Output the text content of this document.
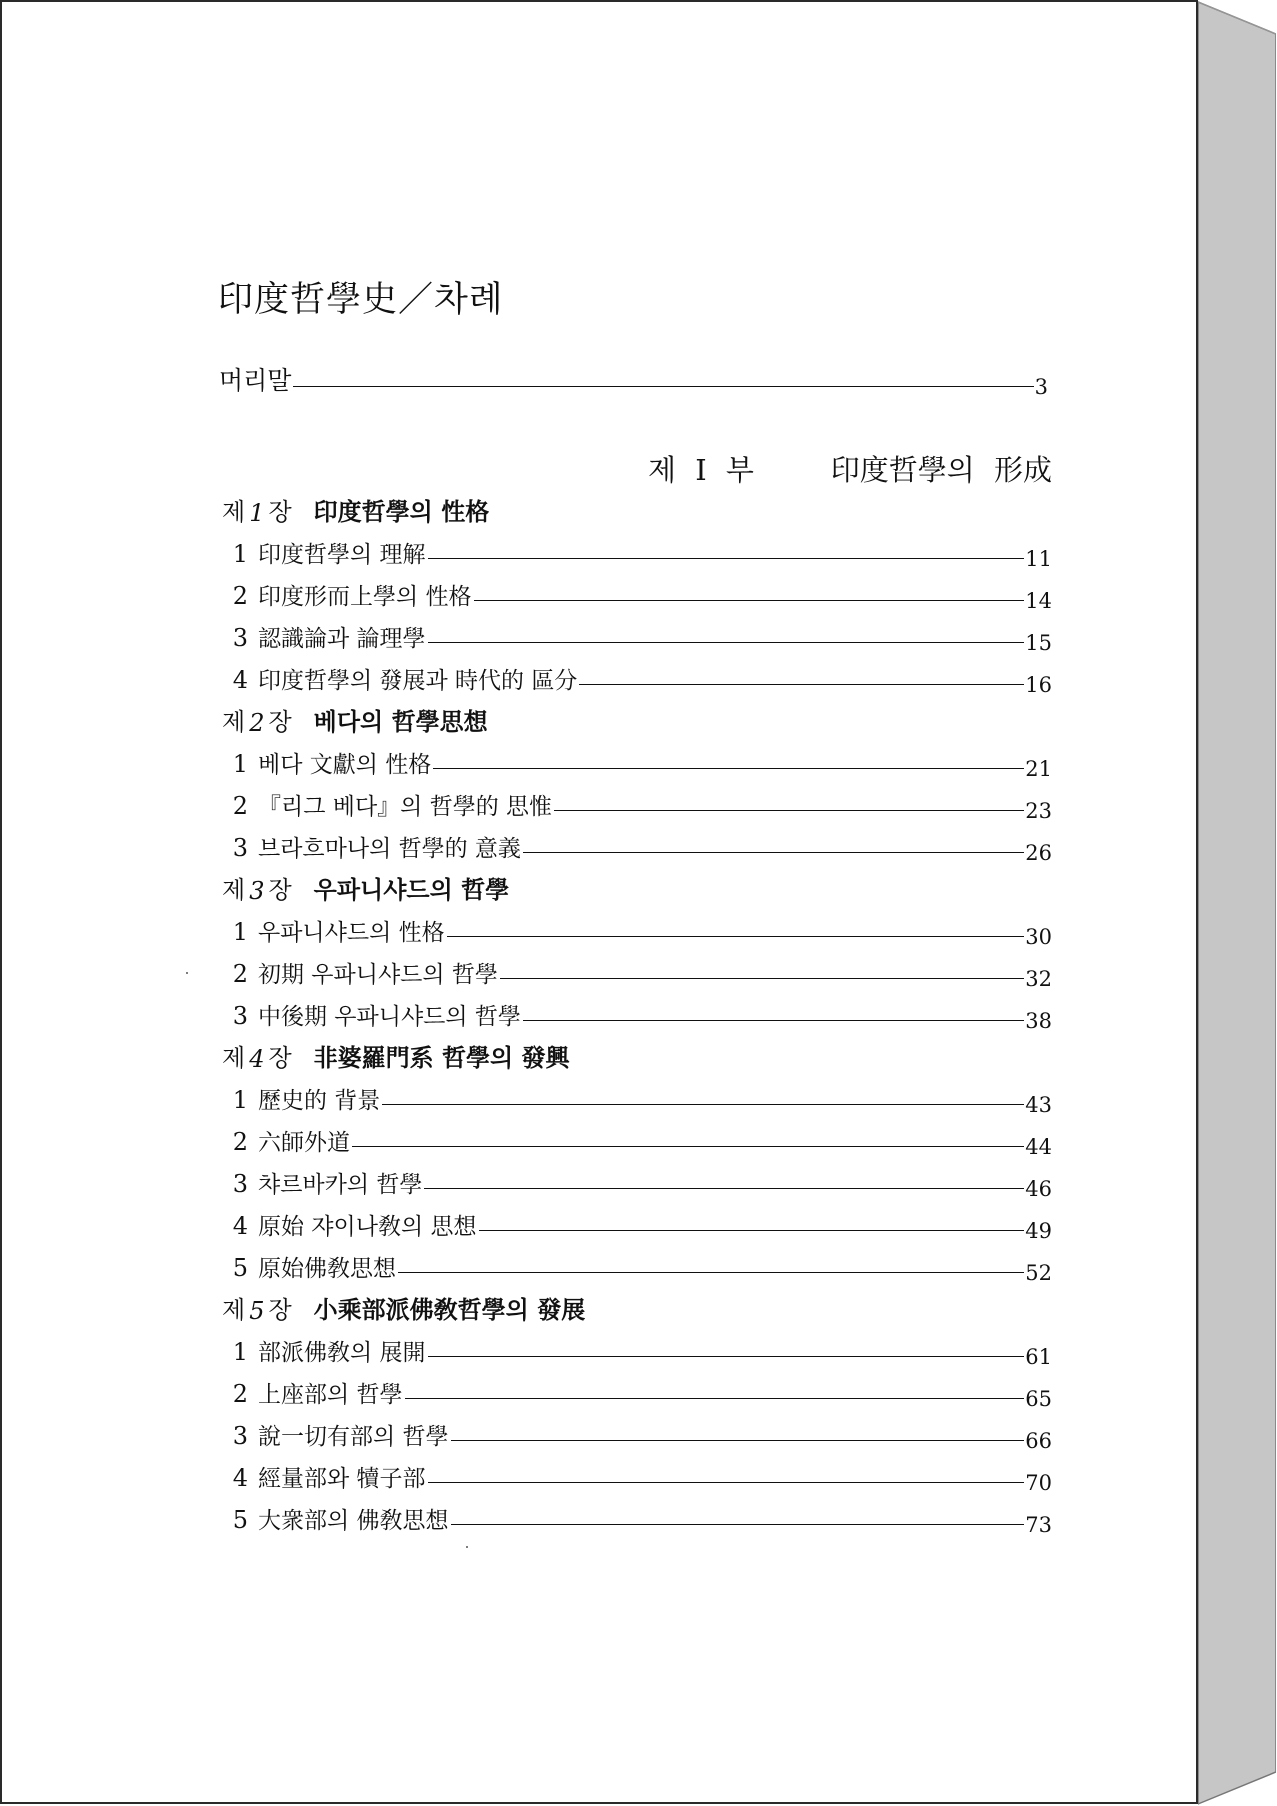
印度哲學史／차례
머리말	3
제 I 부	印度哲學의 形成
제 1 장 印度哲學의 性格
1 印度哲學의 理解	11
2 印度形而上學의 性格	14
3 認識論과 論理學	15
4 印度哲學의 發展과 時代的 區分	16
제 2 장 베다의 哲學思想
1 베다 文獻의 性格	21
2 『리그 베다』의 哲學的 思惟	23
3 브라흐마나의 哲學的 意義	26
제 3 장 우파니샤드의 哲學
1 우파니샤드의 性格	30
2 初期 우파니샤드의 哲學	32
3 中後期 우파니샤드의 哲學	38
제 4 장 非婆羅門系 哲學의 發興
1 歷史的 背景	43
2 六師外道	44
3 챠르바카의 哲學	46
4 原始 쟈이나敎의 思想	49
5 原始佛敎思想	52
제 5 장 小乘部派佛敎哲學의 發展
1 部派佛敎의 展開	61
2 上座部의 哲學	65
3 說一切有部의 哲學	66
4 經量部와 犢子部	70
5 大衆部의 佛敎思想	73
